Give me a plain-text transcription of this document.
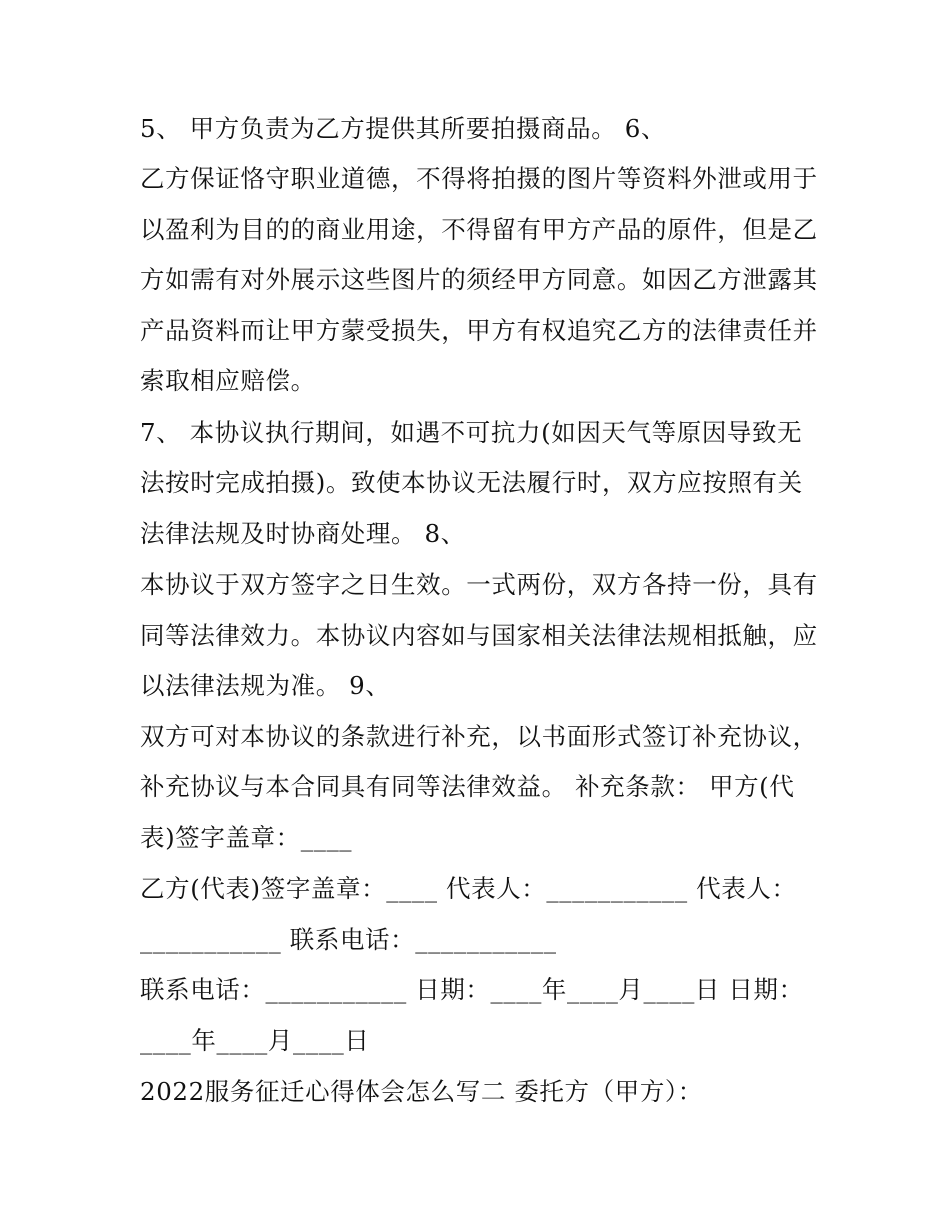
5、 甲方负责为乙方提供其所要拍摄商品。 6、
乙方保证恪守职业道德，不得将拍摄的图片等资料外泄或用于
以盈利为目的的商业用途，不得留有甲方产品的原件，但是乙
方如需有对外展示这些图片的须经甲方同意。如因乙方泄露其
产品资料而让甲方蒙受损失，甲方有权追究乙方的法律责任并
索取相应赔偿。
7、 本协议执行期间，如遇不可抗力(如因天气等原因导致无
法按时完成拍摄)。致使本协议无法履行时，双方应按照有关
法律法规及时协商处理。 8、
本协议于双方签字之日生效。一式两份，双方各持一份，具有
同等法律效力。本协议内容如与国家相关法律法规相抵触，应
以法律法规为准。 9、
双方可对本协议的条款进行补充，以书面形式签订补充协议，
补充协议与本合同具有同等法律效益。 补充条款： 甲方(代
表)签字盖章：____
乙方(代表)签字盖章：____ 代表人：___________ 代表人：
___________ 联系电话：___________
联系电话：___________ 日期：____年____月____日 日期：
____年____月____日
2022服务征迁心得体会怎么写二 委托方（甲方）：
